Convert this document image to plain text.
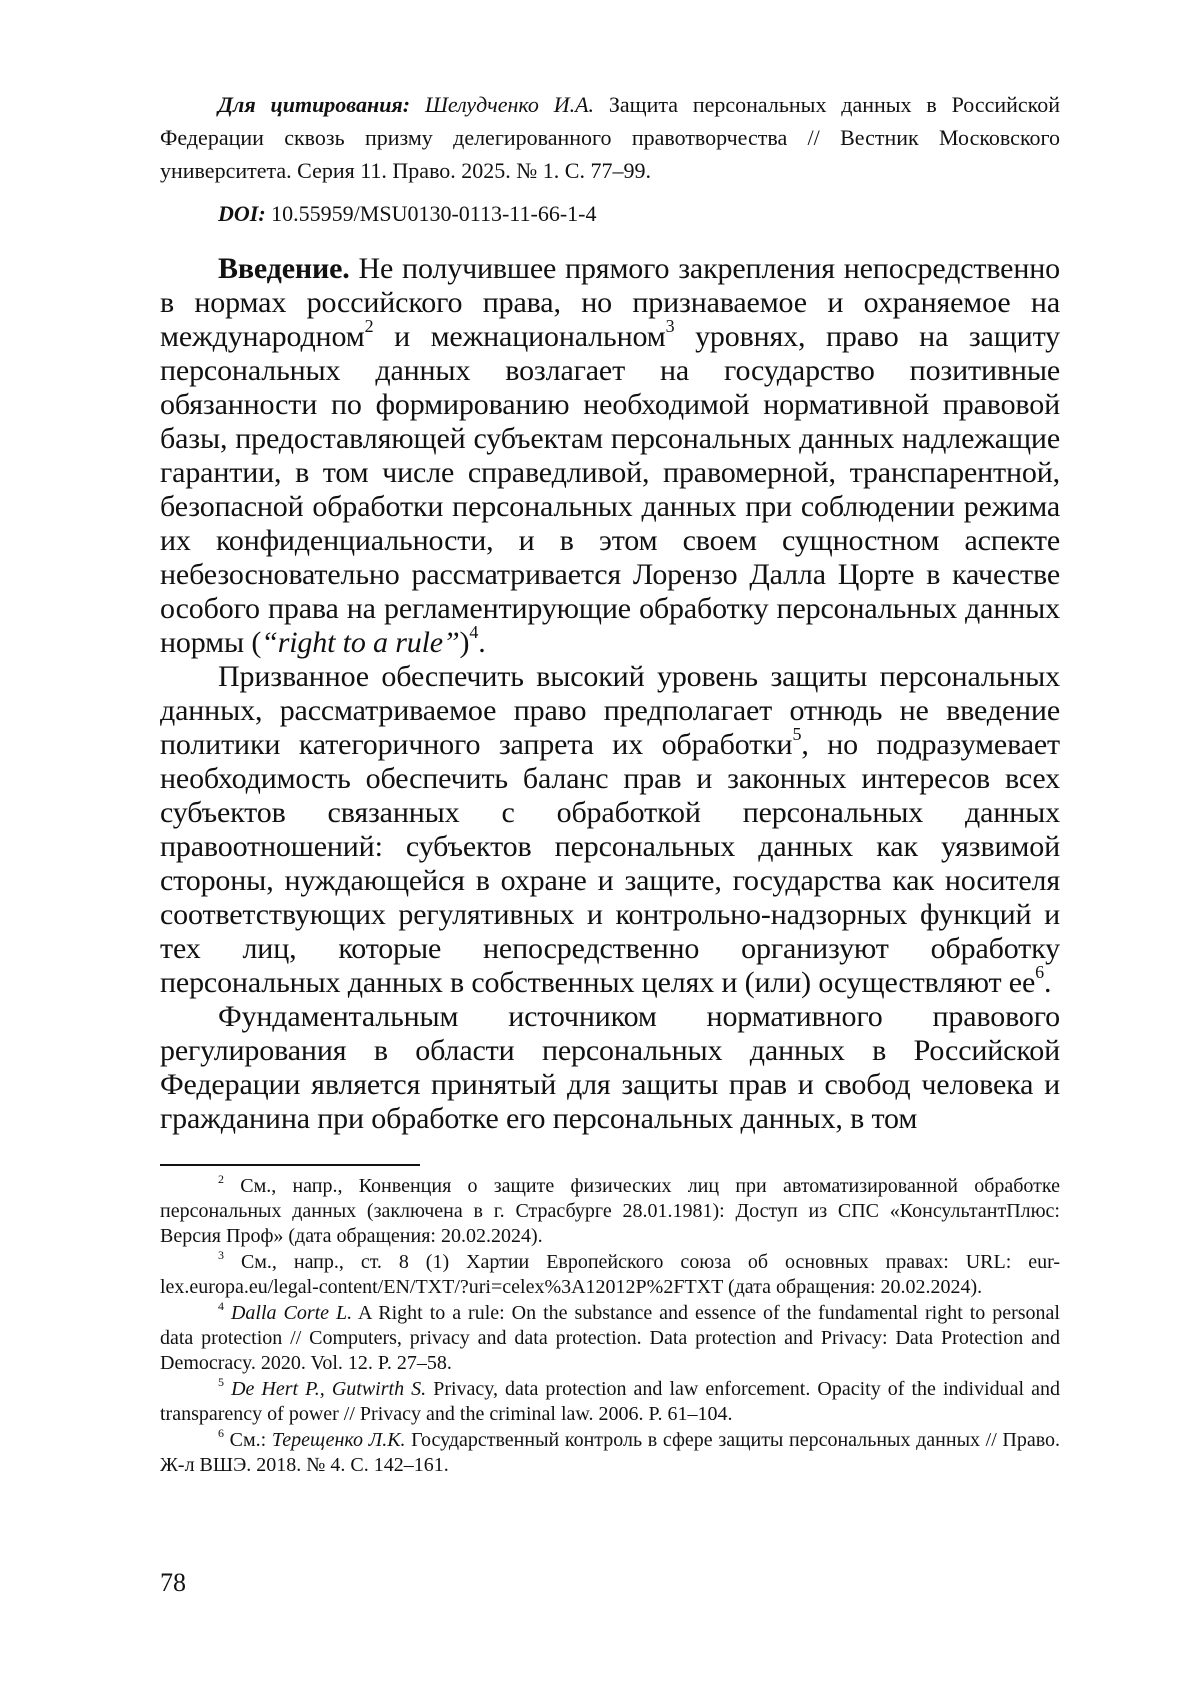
Для цитирования: Шелудченко И.А. Защита персональных данных в Российской Федерации сквозь призму делегированного правотворчества // Вестник Московского университета. Серия 11. Право. 2025. № 1. С. 77–99.

DOI: 10.55959/MSU0130-0113-11-66-1-4

Введение. Не получившее прямого закрепления непосредственно в нормах российского права, но признаваемое и охраняемое на международном2 и межнациональном3 уровнях, право на защиту персональных данных возлагает на государство позитивные обязанности по формированию необходимой нормативной правовой базы, предоставляющей субъектам персональных данных надлежащие гарантии, в том числе справедливой, правомерной, транспарентной, безопасной обработки персональных данных при соблюдении режима их конфиденциальности, и в этом своем сущностном аспекте небезосновательно рассматривается Лорензо Далла Цорте в качестве особого права на регламентирующие обработку персональных данных нормы (“right to a rule”)4.

Призванное обеспечить высокий уровень защиты персональных данных, рассматриваемое право предполагает отнюдь не введение политики категоричного запрета их обработки5, но подразумевает необходимость обеспечить баланс прав и законных интересов всех субъектов связанных с обработкой персональных данных правоотношений: субъектов персональных данных как уязвимой стороны, нуждающейся в охране и защите, государства как носителя соответствующих регулятивных и контрольно-надзорных функций и тех лиц, которые непосредственно организуют обработку персональных данных в собственных целях и (или) осуществляют ее6.

Фундаментальным источником нормативного правового регулирования в области персональных данных в Российской Федерации является принятый для защиты прав и свобод человека и гражданина при обработке его персональных данных, в том

2 См., напр., Конвенция о защите физических лиц при автоматизированной обработке персональных данных (заключена в г. Страсбурге 28.01.1981): Доступ из СПС «КонсультантПлюс: Версия Проф» (дата обращения: 20.02.2024).

3 См., напр., ст. 8 (1) Хартии Европейского союза об основных правах: URL: eur-lex.europa.eu/legal-content/EN/TXT/?uri=celex%3A12012P%2FTXT (дата обращения: 20.02.2024).

4 Dalla Corte L. A Right to a rule: On the substance and essence of the fundamental right to personal data protection // Computers, privacy and data protection. Data protection and Privacy: Data Protection and Democracy. 2020. Vol. 12. P. 27–58.

5 De Hert P., Gutwirth S. Privacy, data protection and law enforcement. Opacity of the individual and transparency of power // Privacy and the criminal law. 2006. P. 61–104.

6 См.: Терещенко Л.К. Государственный контроль в сфере защиты персональных данных // Право. Ж-л ВШЭ. 2018. № 4. С. 142–161.

78
